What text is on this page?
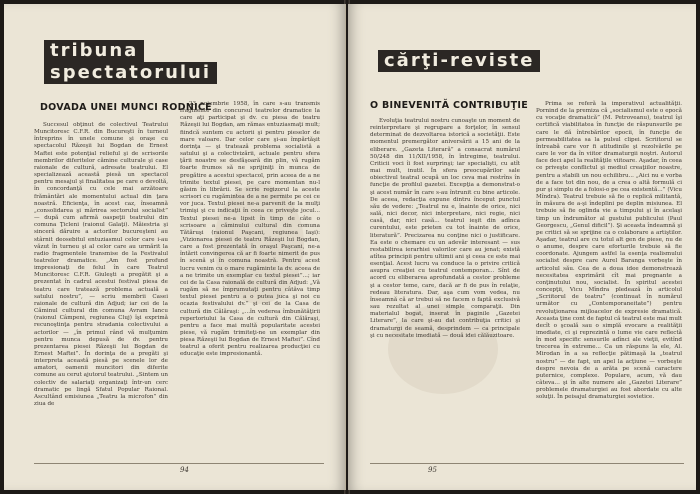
tribuna
spectatorului
DOVADA UNEI MUNCI RODNICE

Succesul obţinut de colectivul Teatrului Muncitoresc C.F.R. din Bucureşti în turneul întreprins în unele comune şi oraşe cu spectacolul Răzeşii lui Bogdan de Ernest Maftei este potenţial relieful şi de scrisorile membrilor diferitelor cămine culturale şi case raionale de cultură, adresate teatrului. El specializează această piesă un spectacol pentru mesajul şi finalitatea pe care o devoltă, în concordanţă cu cele mai arzătoare frământări ale momentului actual din ţara noastră. Eficienţa, în acest caz, înseamnă „consolidarea şi mărirea sectorului socialist” — după cum afirmă oaspeţii teatrului din comuna Ţicleni (raionul Galaţi). Măiestria şi sinceră dăruire a actorilor bucureşteni au stârnit deosebitul entuziasmul celor care i-au văzut în turneu şi al celor care au urmărit la radio fragmentele transmise de la Festivalul teatrelor dramatice. „Am fost profund impresionaţi de felul în care Teatrul Muncitoresc C.F.R. Giuleşti a pregătit şi a prezentat în cadrul acestui festival piesa de teatru care tratează problema actuală a satului nostru”, — scriu membrii Casei raionale de cultură din Adjud; iar cei de la Căminul cultural din comuna Avram Iancu (raionul Câmpeni, regiunea Cluj) îşi exprimă recunoştinţa pentru stradania colectivului a actorilor — „în primul rând vă mulţumim pentru munca depusă de dv. pentru prezentarea piesei Răzeşii lui Bogdan de Ernest Maftei”. În dorinţa de a pregăti şi interpreta această piesă pe scenele lor de amatori, oamenii muncitori din diferite comune au cerut ajutorul teatrului. „Sintem un colectiv de salariaţi organizaţi într-un cerc dramatic pe lingă Sfatul Popular Raional. Ascultând emisiunea „Teatru la microfon” din ziua de

23 noiembrie 1958, în care s-au transmis fragmente din concursul teatrelor dramatice la care aţi participat şi dv. cu piesa de teatru Răzeşii lui Bogdan, am rămas entuziasmaţi mult; fiindcă suntem cu actorii şi pentru pieselor de mare valoare. Dar celor care şi-au împărtăşit dorinţa — şi tratează problema socialistă a satului şi a colectivizării, actuale pentru sfera ţării noastre se desfăşoară din plin, vă rugăm foarte frumos să ne sprijiniţi în munca de pregătire a acestui spectacol, prin aceea de a ne trimite textul piesei, pe care momentan nu-l găsim în librării. Se scrie regizorul la aceste scrisori cu rugămintea de a ne permite pe cei ce vor juca. Textul piesei ne-a parvenit de la mulţi trimişi şi cu indicaţii în ceea ce priveşte jocul... Textul piesei ne-a lipsit în timp de câte o scrisoare a căminului cultural din comuna Tătăruşi (raionul Paşcani, regiunea Iaşi): „Vizionarea piesei de teatru Răzeşii lui Bogdan, care a fost prezentată în oraşul Paşcani, ne-a întărit convingerea că ar fi foarte nimerit de pus în scenă şi în comuna noastră. Pentru acest lucru venim cu o mare rugăminte la dv. aceea de a ne trimite un exemplar cu textul piesei”...; iar cei de la Casa raională de cultură din Adjud: „Vă rugăm să ne împrumutaţi pentru câtăva timp textul piesei pentru a o putea juca şi noi cu ocazia festivalului dv.” şi cei de la Casa de cultură din Călăraşi: „...în vederea îmbunătăţirii repertoriului la Casa de cultură din Călăraşi, pentru a face mai multă popularitate acestei piese, vă rugăm trimiteţi-ne un exemplar din piesa Răzeşii lui Bogdan de Ernest Maftei”. Cînd teatrul a oferit pentru realizarea producţiei cu educaţie este impresionantă.

94
cărţi-reviste
O BINEVENITĂ CONTRIBUŢIE

Evoluţia teatrului nostru cunoaşte un moment de reinterpretare şi regrupare a forţelor, în sensul determinat de dezvoltarea istorică a societăţii. Este momentul premergător aniversării a 15 ani de la eliberare. „Gazeta Literară” a consacrat numărul 50/248 din 11/XII/1958, în întregime, teatrului. Criticii voci îi fost surprinşi; iar specialişti, cu atît mai mult, inutil. În sfera preocupărilor sale obiectivul teatral ocupă un loc ceva mai restrîns în funcţie de profilul gazetei. Excepţia a demonstrat-o şi acest număr în care s-au întrunit cu bine articole. De aceea, redacţia expune dintru început punctul său de vedere: „Teatrul nu e, înainte de orice, nici sală, nici decor, nici interpretare, nici regie, nici casă, dar, nici casă... teatrul ieşit din adînca curentului, este prieten cu tot înainte de orice, literatură”. Precizarea nu conţine nici o justificare. Ea este o chemare cu un adevăr interesant — sus restabilirea ierarhiei valorilor care au jenat; există atîtea principii pentru ultimii ani şi ceea ce este mai esenţial. Acest lucru va conduce la o privire critică asupra creaţiei cu teatrul contemporan... Sînt de acord cu eliberarea aprofundată a cestor probleme şi a cestor teme, care, dacă ar fi de pus în relaţie, redeau literatura. Dar, aşa cum vom vedea, nu înseamnă că ar trebui să ne facem o faptă exclusivă sau rezultat al unei simple comparaţii. Din materialul bogat, inserat în paginile „Gazetei Literare”, la care şi-au dat contribuţia critici şi dramaturgi de seamă, desprindem — ca principale şi cu necesitate imediată — două idei călăuzitoare.

Prima se referă la imperativul actualităţii. Pornind de la premiza că „socialismul este o epocă cu vocaţie dramatică” (M. Petroveanu), teatrul îşi certifică viabilitatea în funcţie de răspunsurile pe care le dă întrebărilor epocii, în funcţie de permeabilitatea sa la pulsul clipei. Scriitorul se întreabă care vor fi atitudinile şi rezolvările pe care le vor da în viitor dramaturgii noştri. Autorul face deci apel la realităţile viitoare. Aşadar, în ceea ce priveşte conflictul şi mediul creaţiilor noastre, pentru a stabili un nou echilibru... „Aici nu e vorba de a face tot din nou, de a crea o altă formulă ci pur şi simplu de a folosi-o pe cea existentă...” (Vicu Mîndra). Teatrul trebuie să fie o replică militantă, în măsura de a-şi îndeplini pe deplin misiunea. El trebuie să fie oglinda vie a timpului şi în acelaşi timp un îndrumător al gustului publicului (Paul Georgescu, „Genul dificil”). Şi aceasta îndeamnă şi pe critici să se sprijine ca o colaborare a artiştilor. Aşadar, teatrul are cu totul alt gen de piese, nu de o anume, despre care eforturile trebuie să fie coordonate. Ajungem astfel la esenţa realismului socialist despre care Aurel Baranga vorbeşte în articolul său. Cea de a doua idee demonstrează necesitatea exprimării cît mai pregnante a conţinutului nou, socialist. În spiritul acestei concepţii, Vicu Mîndra pledează în articolul „Scriitorul de teatru” (continuat în numărul următor cu „Contemporaneitate”) pentru revoluţionarea mijloacelor de expresie dramatică. Aceasta ţine cont de faptul că teatrul este mai mult decît o şcoală sau o simplă evocare a realităţii imediate, ci şi reprezintă o lume vie care reflectă în mod specific sensurile adînci ale vieţii, evitînd trecerea în extreme... Ca un răspuns la ele, Al. Mirodan în a sa reflecţie pătimaşă la „teatrul nostru” — de fapt, un apel la acţiune — vorbeşte despre nevoia de a arăta pe scenă caractere puternice, complexe. Populare, acum, vă dau câteva... şi în alte numere ale „Gazetei Literare” problemele dramaturgiei au fost abordate cu alte soluţii. În peisajul dramaturgiei sovietice.

95
